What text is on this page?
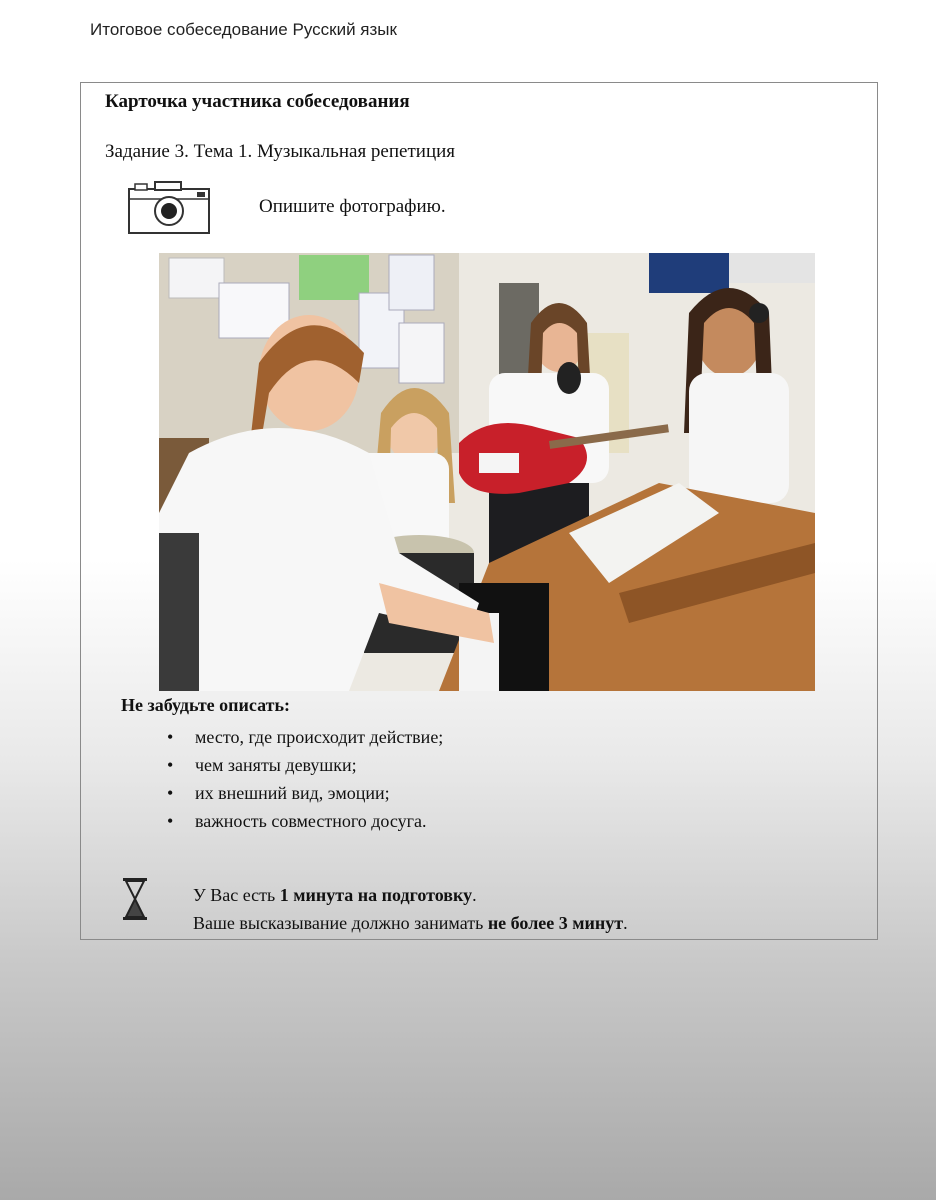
Итоговое собеседование Русский язык
Карточка участника собеседования
Задание 3. Тема 1. Музыкальная репетиция
Опишите фотографию.
Не забудьте описать:
• место, где происходит действие;
• чем заняты девушки;
• их внешний вид, эмоции;
• важность совместного досуга.
У Вас есть 1 минута на подготовку.
Ваше высказывание должно занимать не более 3 минут.
